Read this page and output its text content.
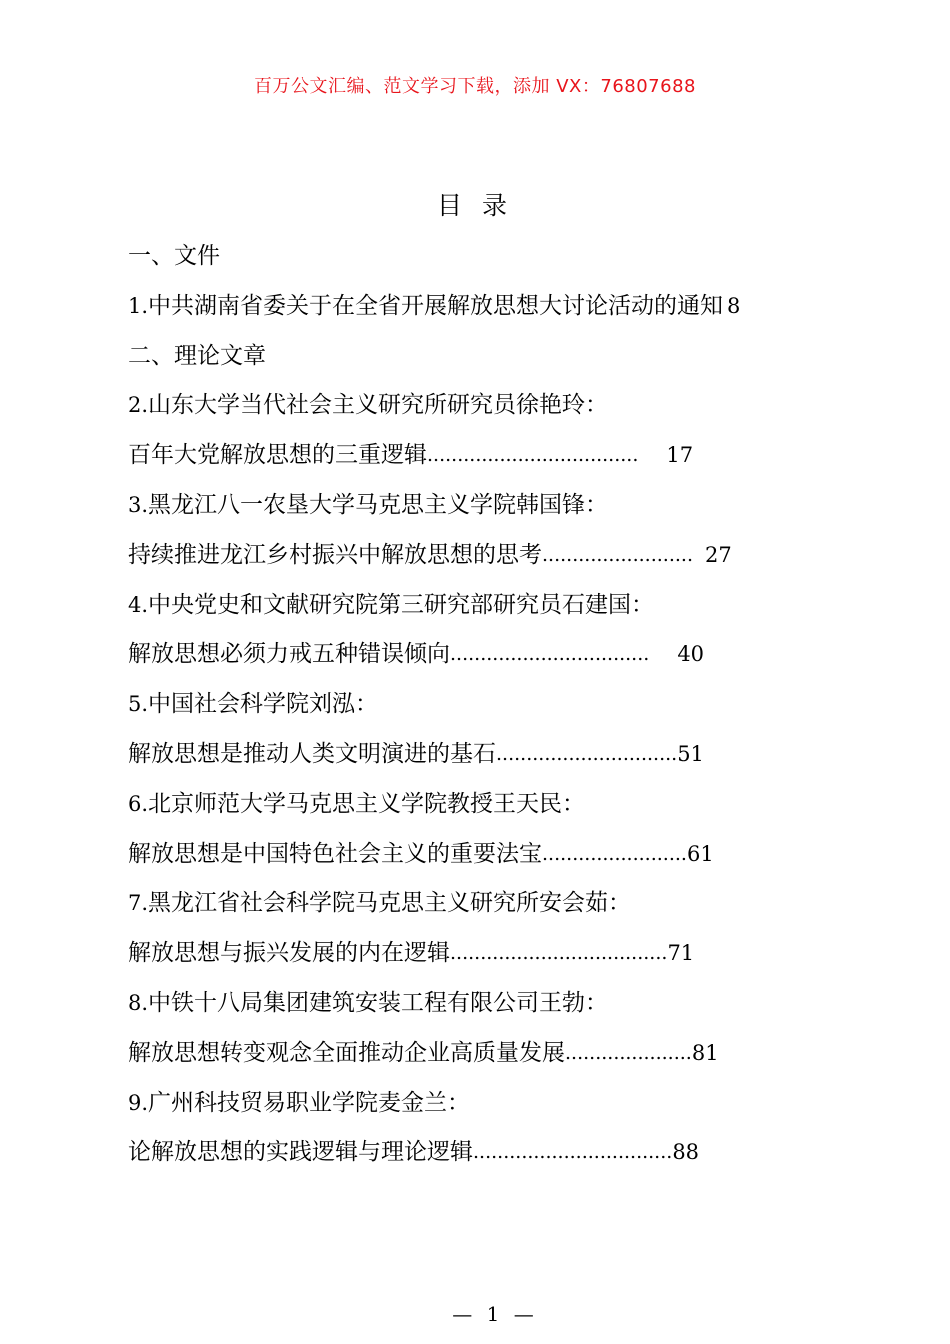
百万公文汇编、范文学习下载，添加 VX：76807688
目 录
一、文件
1. 中共湖南省委关于在全省开展解放思想大讨论活动的通知 8
二、理论文章
2. 山东大学当代社会主义研究所研究员徐艳玲：
百年大党解放思想的三重逻辑 ................................... 17
3. 黑龙江八一农垦大学马克思主义学院韩国锋：
持续推进龙江乡村振兴中解放思想的思考 ......................... 27
4. 中央党史和文献研究院第三研究部研究员石建国：
解放思想必须力戒五种错误倾向 ................................. 40
5. 中国社会科学院刘泓：
解放思想是推动人类文明演进的基石 .............................. 51
6. 北京师范大学马克思主义学院教授王天民：
解放思想是中国特色社会主义的重要法宝 ........................ 61
7. 黑龙江省社会科学院马克思主义研究所安会茹：
解放思想与振兴发展的内在逻辑 .................................... 71
8. 中铁十八局集团建筑安装工程有限公司王勃：
解放思想转变观念全面推动企业高质量发展 ..................... 81
9. 广州科技贸易职业学院麦金兰：
论解放思想的实践逻辑与理论逻辑 ................................. 88
— 1 —
